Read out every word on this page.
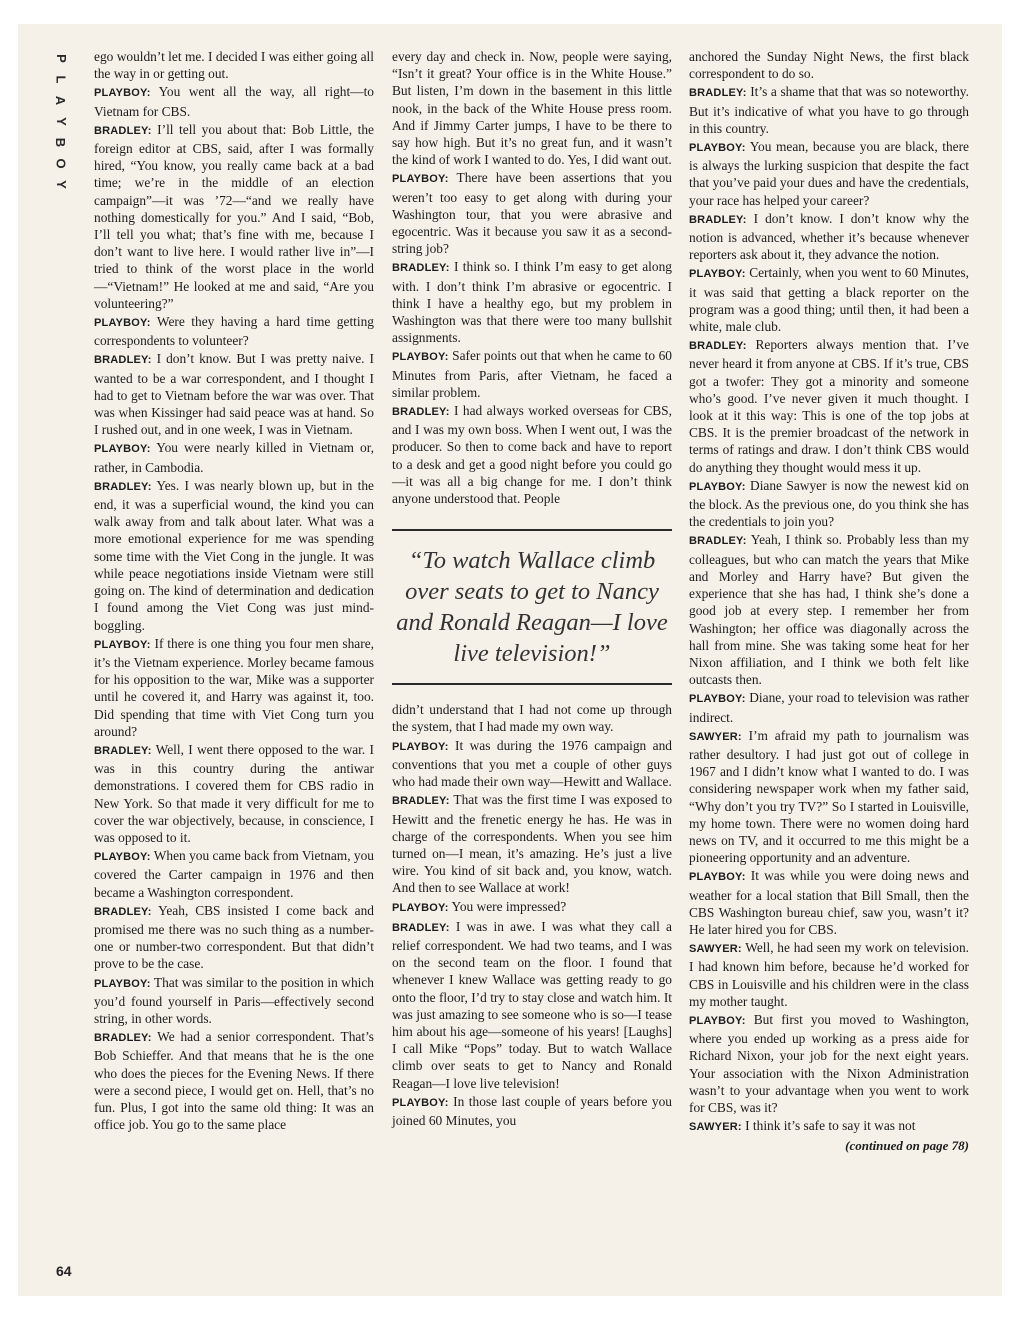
P
L
A
Y
B
O
Y
64

ego wouldn’t let me. I decided I was either going all the way in or getting out.

PLAYBOY: You went all the way, all right—to Vietnam for CBS.

BRADLEY: I’ll tell you about that: Bob Little, the foreign editor at CBS, said, after I was formally hired, “You know, you really came back at a bad time; we’re in the middle of an election campaign”—it was ’72—“and we really have nothing domestically for you.” And I said, “Bob, I’ll tell you what; that’s fine with me, because I don’t want to live here. I would rather live in”—I tried to think of the worst place in the world—“Vietnam!” He looked at me and said, “Are you volunteering?”

PLAYBOY: Were they having a hard time getting correspondents to volunteer?

BRADLEY: I don’t know. But I was pretty naive. I wanted to be a war correspondent, and I thought I had to get to Vietnam before the war was over. That was when Kissinger had said peace was at hand. So I rushed out, and in one week, I was in Vietnam.

PLAYBOY: You were nearly killed in Vietnam or, rather, in Cambodia.

BRADLEY: Yes. I was nearly blown up, but in the end, it was a superficial wound, the kind you can walk away from and talk about later. What was a more emotional experience for me was spending some time with the Viet Cong in the jungle. It was while peace negotiations inside Vietnam were still going on. The kind of determination and dedication I found among the Viet Cong was just mind-boggling.

PLAYBOY: If there is one thing you four men share, it’s the Vietnam experience. Morley became famous for his opposition to the war, Mike was a supporter until he covered it, and Harry was against it, too. Did spending that time with Viet Cong turn you around?

BRADLEY: Well, I went there opposed to the war. I was in this country during the antiwar demonstrations. I covered them for CBS radio in New York. So that made it very difficult for me to cover the war objectively, because, in conscience, I was opposed to it.

PLAYBOY: When you came back from Vietnam, you covered the Carter campaign in 1976 and then became a Washington correspondent.

BRADLEY: Yeah, CBS insisted I come back and promised me there was no such thing as a number-one or number-two correspondent. But that didn’t prove to be the case.

PLAYBOY: That was similar to the position in which you’d found yourself in Paris—effectively second string, in other words.

BRADLEY: We had a senior correspondent. That’s Bob Schieffer. And that means that he is the one who does the pieces for the Evening News. If there were a second piece, I would get on. Hell, that’s no fun. Plus, I got into the same old thing: It was an office job. You go to the same place

every day and check in. Now, people were saying, “Isn’t it great? Your office is in the White House.” But listen, I’m down in the basement in this little nook, in the back of the White House press room. And if Jimmy Carter jumps, I have to be there to say how high. But it’s no great fun, and it wasn’t the kind of work I wanted to do. Yes, I did want out.

PLAYBOY: There have been assertions that you weren’t too easy to get along with during your Washington tour, that you were abrasive and egocentric. Was it because you saw it as a second-string job?

BRADLEY: I think so. I think I’m easy to get along with. I don’t think I’m abrasive or egocentric. I think I have a healthy ego, but my problem in Washington was that there were too many bullshit assignments.

PLAYBOY: Safer points out that when he came to 60 Minutes from Paris, after Vietnam, he faced a similar problem.

BRADLEY: I had always worked overseas for CBS, and I was my own boss. When I went out, I was the producer. So then to come back and have to report to a desk and get a good night before you could go—it was all a big change for me. I don’t think anyone understood that. People

“To watch Wallace climb over seats to get to Nancy and Ronald Reagan—I love live television!”

didn’t understand that I had not come up through the system, that I had made my own way.

PLAYBOY: It was during the 1976 campaign and conventions that you met a couple of other guys who had made their own way—Hewitt and Wallace.

BRADLEY: That was the first time I was exposed to Hewitt and the frenetic energy he has. He was in charge of the correspondents. When you see him turned on—I mean, it’s amazing. He’s just a live wire. You kind of sit back and, you know, watch. And then to see Wallace at work!

PLAYBOY: You were impressed?

BRADLEY: I was in awe. I was what they call a relief correspondent. We had two teams, and I was on the second team on the floor. I found that whenever I knew Wallace was getting ready to go onto the floor, I’d try to stay close and watch him. It was just amazing to see someone who is so—I tease him about his age—someone of his years! [Laughs] I call Mike “Pops” today. But to watch Wallace climb over seats to get to Nancy and Ronald Reagan—I love live television!

PLAYBOY: In those last couple of years before you joined 60 Minutes, you

anchored the Sunday Night News, the first black correspondent to do so.

BRADLEY: It’s a shame that that was so noteworthy. But it’s indicative of what you have to go through in this country.

PLAYBOY: You mean, because you are black, there is always the lurking suspicion that despite the fact that you’ve paid your dues and have the credentials, your race has helped your career?

BRADLEY: I don’t know. I don’t know why the notion is advanced, whether it’s because whenever reporters ask about it, they advance the notion.

PLAYBOY: Certainly, when you went to 60 Minutes, it was said that getting a black reporter on the program was a good thing; until then, it had been a white, male club.

BRADLEY: Reporters always mention that. I’ve never heard it from anyone at CBS. If it’s true, CBS got a twofer: They got a minority and someone who’s good. I’ve never given it much thought. I look at it this way: This is one of the top jobs at CBS. It is the premier broadcast of the network in terms of ratings and draw. I don’t think CBS would do anything they thought would mess it up.

PLAYBOY: Diane Sawyer is now the newest kid on the block. As the previous one, do you think she has the credentials to join you?

BRADLEY: Yeah, I think so. Probably less than my colleagues, but who can match the years that Mike and Morley and Harry have? But given the experience that she has had, I think she’s done a good job at every step. I remember her from Washington; her office was diagonally across the hall from mine. She was taking some heat for her Nixon affiliation, and I think we both felt like outcasts then.

PLAYBOY: Diane, your road to television was rather indirect.

SAWYER: I’m afraid my path to journalism was rather desultory. I had just got out of college in 1967 and I didn’t know what I wanted to do. I was considering newspaper work when my father said, “Why don’t you try TV?” So I started in Louisville, my home town. There were no women doing hard news on TV, and it occurred to me this might be a pioneering opportunity and an adventure.

PLAYBOY: It was while you were doing news and weather for a local station that Bill Small, then the CBS Washington bureau chief, saw you, wasn’t it? He later hired you for CBS.

SAWYER: Well, he had seen my work on television. I had known him before, because he’d worked for CBS in Louisville and his children were in the class my mother taught.

PLAYBOY: But first you moved to Washington, where you ended up working as a press aide for Richard Nixon, your job for the next eight years. Your association with the Nixon Administration wasn’t to your advantage when you went to work for CBS, was it?

SAWYER: I think it’s safe to say it was not

(continued on page 78)
